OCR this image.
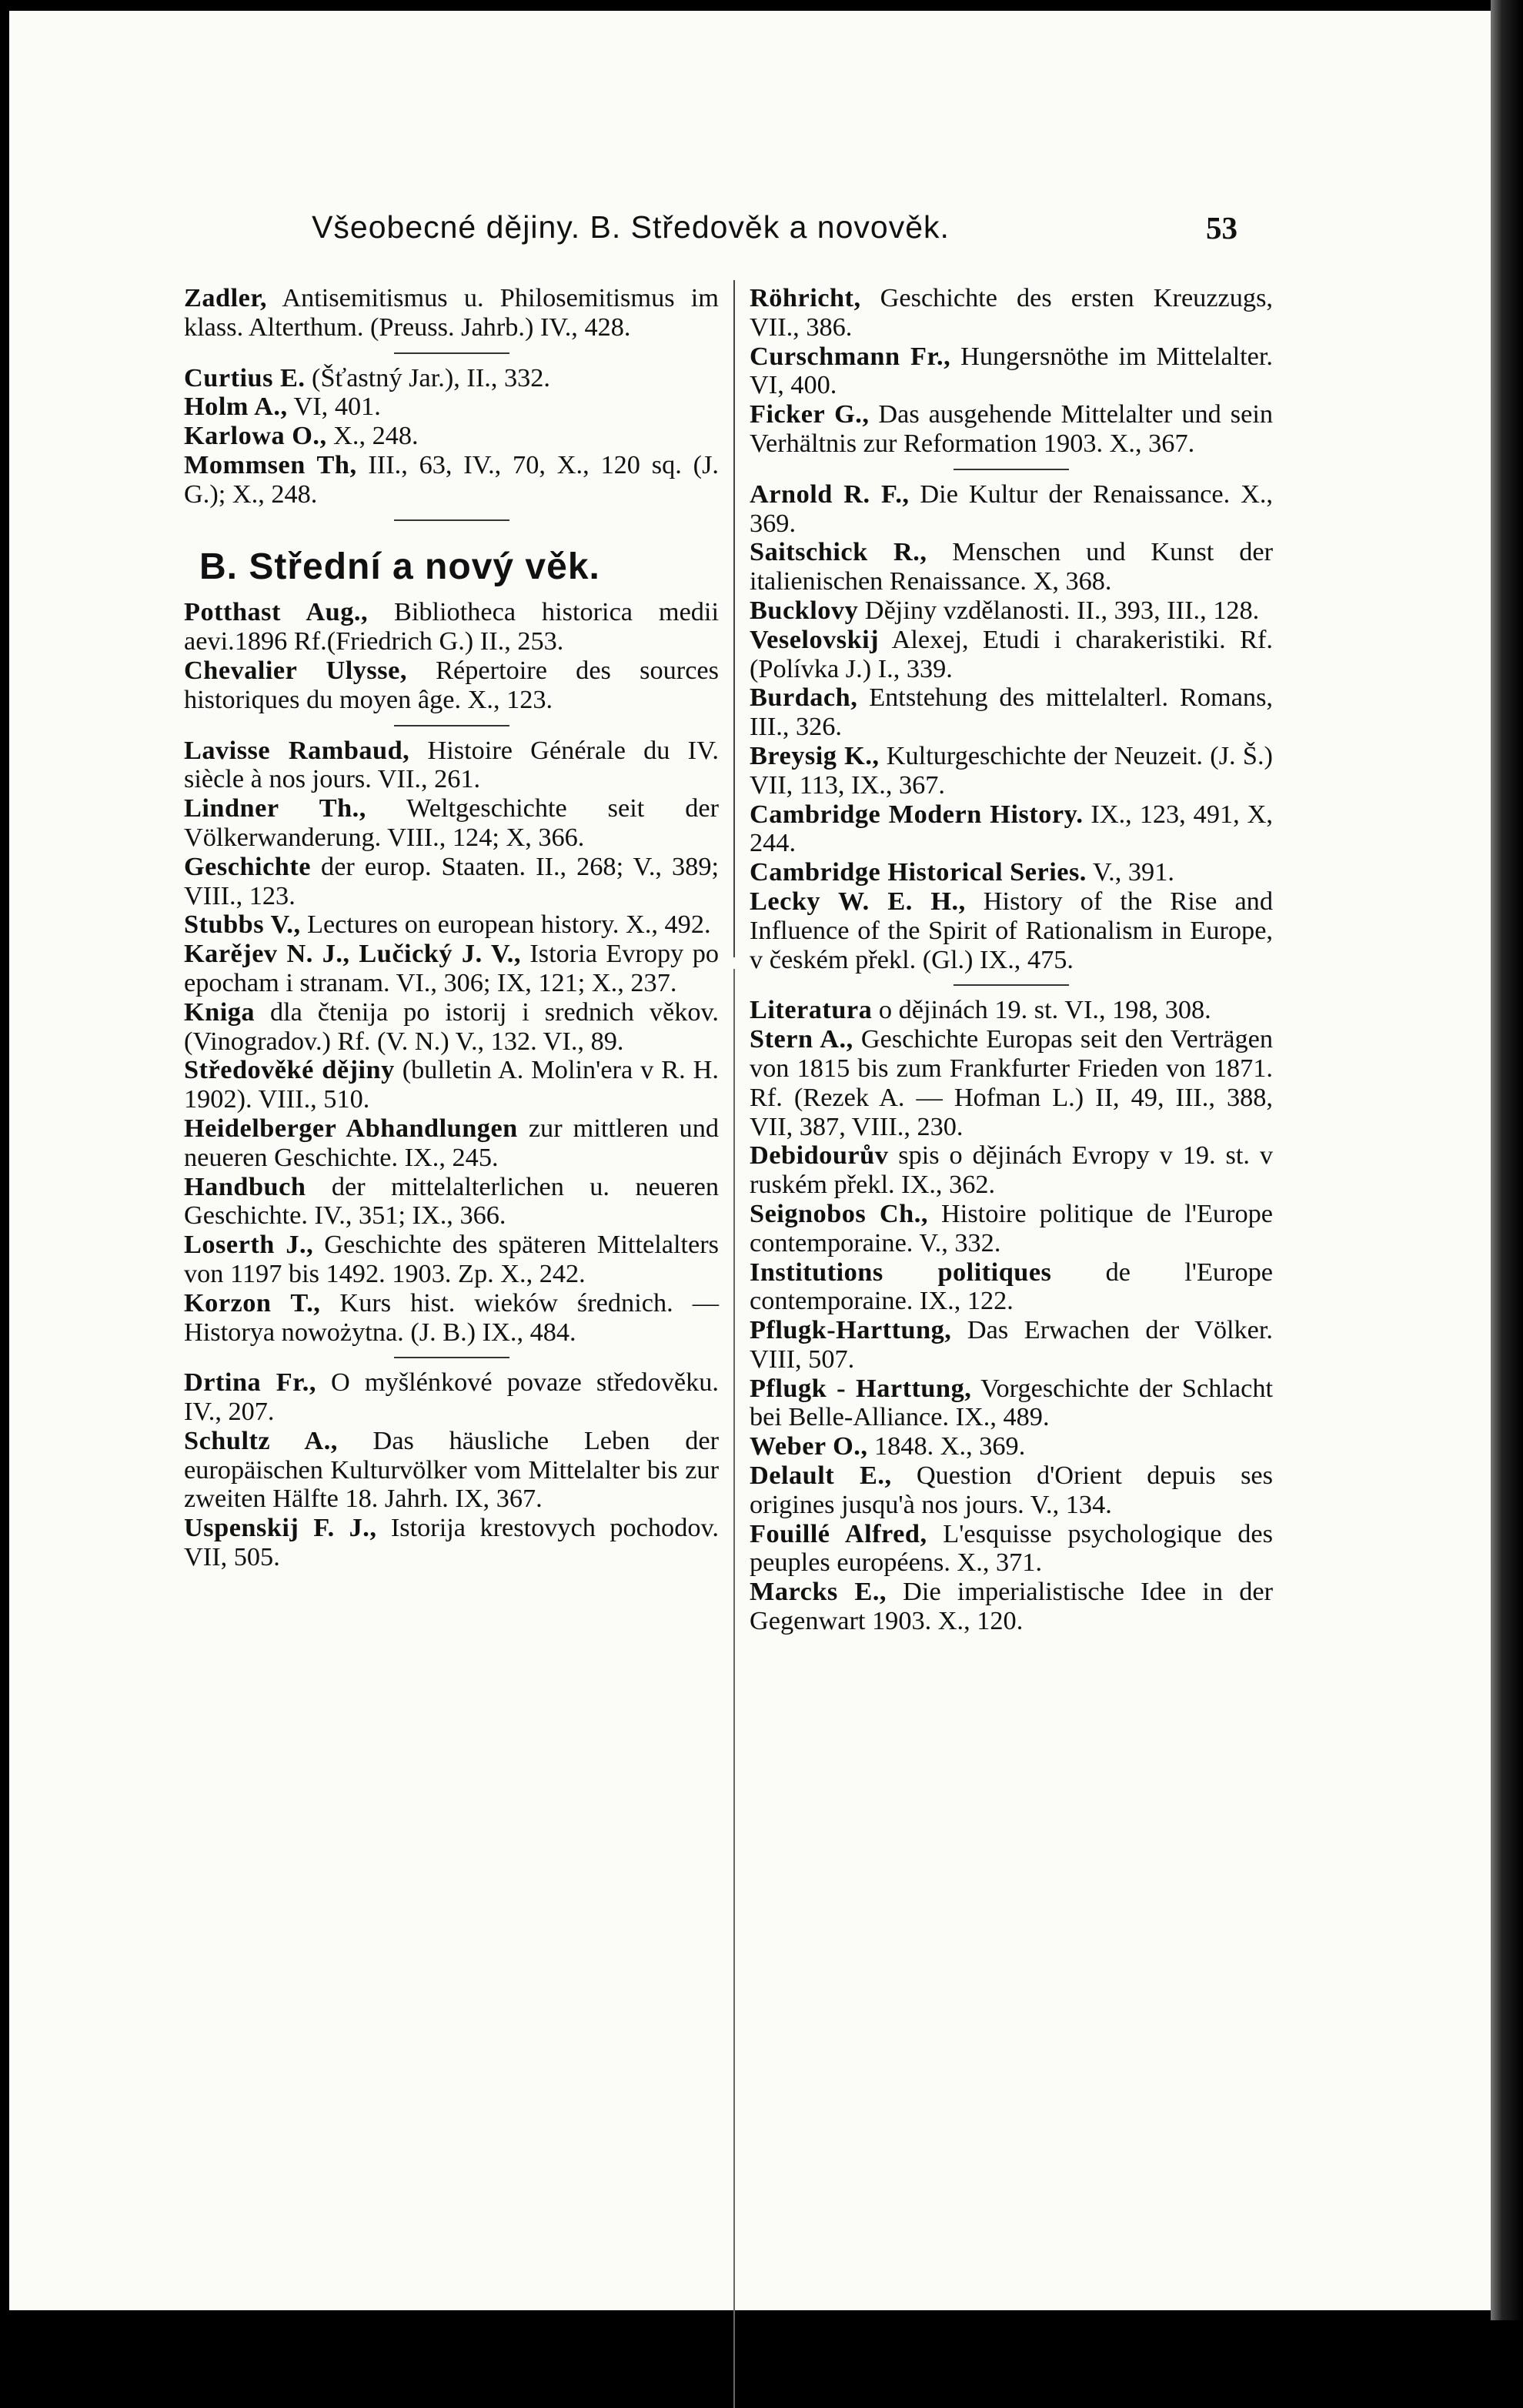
Všeobecné dějiny. B. Středověk a novověk.	53

Zadler, Antisemitismus u. Philosemitismus im klass. Alterthum. (Preuss. Jahrb.) IV., 428.

Curtius E. (Šťastný Jar.), II., 332.

Holm A., VI, 401.

Karlowa O., X., 248.

Mommsen Th, III., 63, IV., 70, X., 120 sq. (J. G.); X., 248.

B. Střední a nový věk.

Potthast Aug., Bibliotheca historica medii aevi.1896 Rf.(Friedrich G.) II., 253.

Chevalier Ulysse, Répertoire des sources historiques du moyen âge. X., 123.

Lavisse Rambaud, Histoire Générale du IV. siècle à nos jours. VII., 261.

Lindner Th., Weltgeschichte seit der Völkerwanderung. VIII., 124; X, 366.

Geschichte der europ. Staaten. II., 268; V., 389; VIII., 123.

Stubbs V., Lectures on european history. X., 492.

Karějev N. J., Lučický J. V., Istoria Evropy po epocham i stranam. VI., 306; IX, 121; X., 237.

Kniga dla čtenija po istorij i srednich věkov. (Vinogradov.) Rf. (V. N.) V., 132. VI., 89.

Středověké dějiny (bulletin A. Molin'era v R. H. 1902). VIII., 510.

Heidelberger Abhandlungen zur mittleren und neueren Geschichte. IX., 245.

Handbuch der mittelalterlichen u. neueren Geschichte. IV., 351; IX., 366.

Loserth J., Geschichte des späteren Mittelalters von 1197 bis 1492. 1903. Zp. X., 242.

Korzon T., Kurs hist. wieków średnich. — Historya nowożytna. (J. B.) IX., 484.

Drtina Fr., O myšlénkové povaze středověku. IV., 207.

Schultz A., Das häusliche Leben der europäischen Kulturvölker vom Mittelalter bis zur zweiten Hälfte 18. Jahrh. IX, 367.

Uspenskij F. J., Istorija krestovych pochodov. VII, 505.

Röhricht, Geschichte des ersten Kreuzzugs, VII., 386.

Curschmann Fr., Hungersnöthe im Mittelalter. VI, 400.

Ficker G., Das ausgehende Mittelalter und sein Verhältnis zur Reformation 1903. X., 367.

Arnold R. F., Die Kultur der Renaissance. X., 369.

Saitschick R., Menschen und Kunst der italienischen Renaissance. X, 368.

Bucklovy Dějiny vzdělanosti. II., 393, III., 128.

Veselovskij Alexej, Etudi i charakeristiki. Rf. (Polívka J.) I., 339.

Burdach, Entstehung des mittelalterl. Romans, III., 326.

Breysig K., Kulturgeschichte der Neuzeit. (J. Š.) VII, 113, IX., 367.

Cambridge Modern History. IX., 123, 491, X, 244.

Cambridge Historical Series. V., 391.

Lecky W. E. H., History of the Rise and Influence of the Spirit of Rationalism in Europe, v českém překl. (Gl.) IX., 475.

Literatura o dějinách 19. st. VI., 198, 308.

Stern A., Geschichte Europas seit den Verträgen von 1815 bis zum Frankfurter Frieden von 1871. Rf. (Rezek A. — Hofman L.) II, 49, III., 388, VII, 387, VIII., 230.

Debidourův spis o dějinách Evropy v 19. st. v ruském překl. IX., 362.

Seignobos Ch., Histoire politique de l'Europe contemporaine. V., 332.

Institutions politiques de l'Europe contemporaine. IX., 122.

Pflugk-Harttung, Das Erwachen der Völker. VIII, 507.

Pflugk - Harttung, Vorgeschichte der Schlacht bei Belle-Alliance. IX., 489.

Weber O., 1848. X., 369.

Delault E., Question d'Orient depuis ses origines jusqu'à nos jours. V., 134.

Fouillé Alfred, L'esquisse psychologique des peuples européens. X., 371.

Marcks E., Die imperialistische Idee in der Gegenwart 1903. X., 120.
